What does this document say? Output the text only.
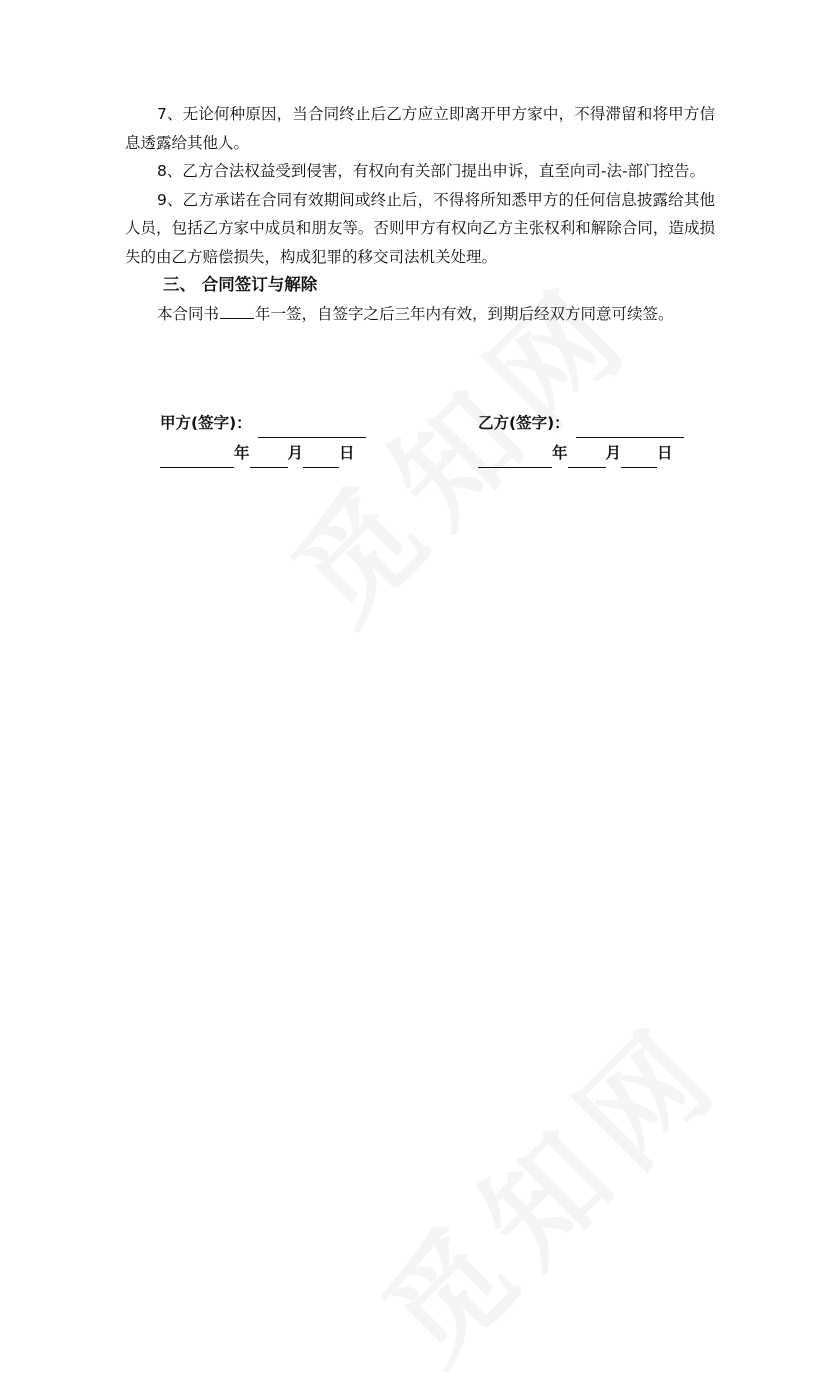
7、无论何种原因，当合同终止后乙方应立即离开甲方家中，不得滞留和将甲方信息透露给其他人。

8、乙方合法权益受到侵害，有权向有关部门提出申诉，直至向司-法-部门控告。

9、乙方承诺在合同有效期间或终止后，不得将所知悉甲方的任何信息披露给其他人员，包括乙方家中成员和朋友等。否则甲方有权向乙方主张权利和解除合同，造成损失的由乙方赔偿损失，构成犯罪的移交司法机关处理。

三、 合同签订与解除

本合同书 年一签，自签字之后三年内有效，到期后经双方同意可续签。

甲方(签字)：
年 月 日
乙方(签字)：
年 月 日
